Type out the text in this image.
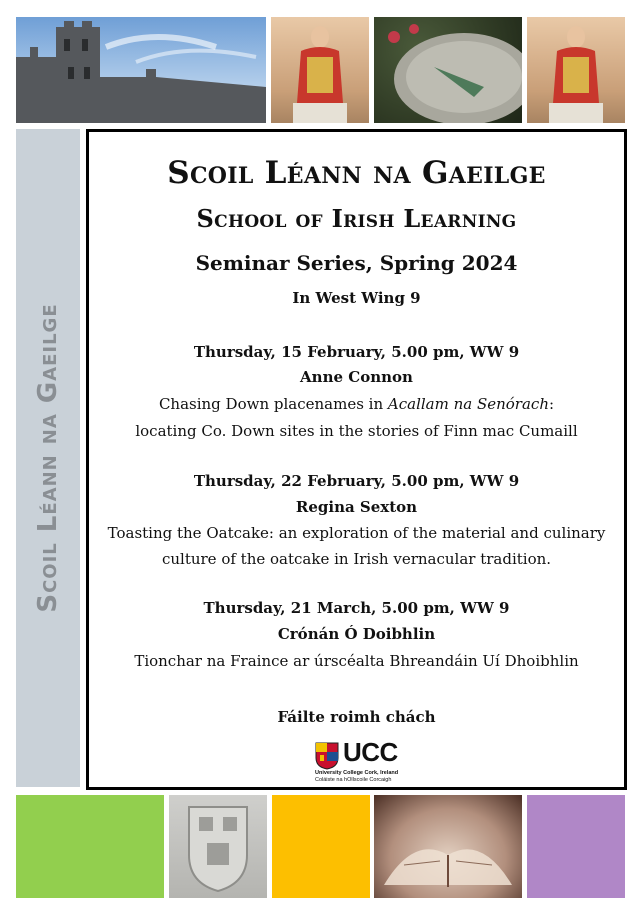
Scoil Léann na Gaeilge
Scoil Léann na Gaeilge
School of Irish Learning
Seminar Series, Spring 2024
In West Wing 9
Thursday, 15 February, 5.00 pm, WW 9
Anne Connon
Chasing Down placenames in Acallam na Senórach:
locating Co. Down sites in the stories of Finn mac Cumaill
Thursday, 22 February, 5.00 pm, WW 9
Regina Sexton
Toasting the Oatcake: an exploration of the material and culinary
culture of the oatcake in Irish vernacular tradition.
Thursday, 21 March, 5.00 pm, WW 9
Crónán Ó Doibhlin
Tionchar na Fraince ar úrscéalta Bhreandáin Uí Dhoibhlin
Fáilte roimh chách
UCC
University College Cork, Ireland
Coláiste na hOllscoile Corcaigh
